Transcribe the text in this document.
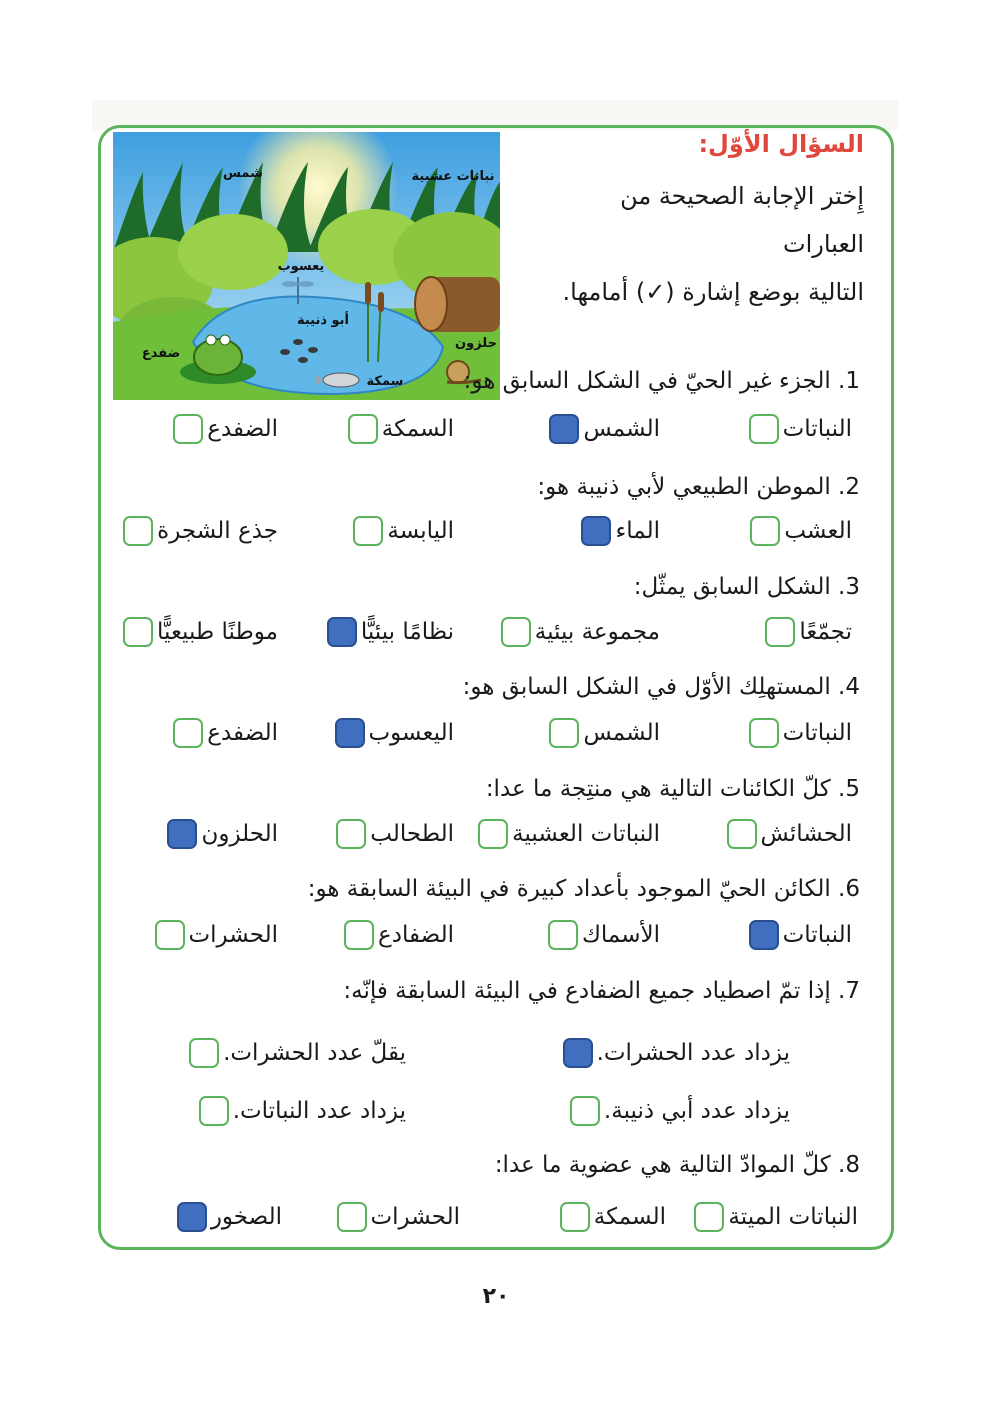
السؤال الأوّل:
إِختر الإجابة الصحيحة من العبارات
التالية بوضع إشارة (✓) أمامها.
شمس	نباتات عشبية
يعسوب
أبو ذنيبة
حلزون
ضفدع
سمكة	1. الجزء غير الحيّ في الشكل السابق هو:
النباتات
الشمس
السمكة
الضفدع
2. الموطن الطبيعي لأبي ذنيبة هو:
العشب
الماء
اليابسة
جذع الشجرة
3. الشكل السابق يمثّل:
تجمّعًا
مجموعة بيئية
نظامًا بيئيًّا
موطنًا طبيعيًّا
4. المستهلِك الأوّل في الشكل السابق هو:
النباتات
الشمس
اليعسوب
الضفدع
5. كلّ الكائنات التالية هي منتِجة ما عدا:
الحشائش
النباتات العشبية
الطحالب
الحلزون
6. الكائن الحيّ الموجود بأعداد كبيرة في البيئة السابقة هو:
النباتات
الأسماك
الضفادع
الحشرات
7. إذا تمّ اصطياد جميع الضفادع في البيئة السابقة فإنّه:
يزداد عدد الحشرات.
يقلّ عدد الحشرات.
يزداد عدد أبي ذنيبة.
يزداد عدد النباتات.
8. كلّ الموادّ التالية هي عضوية ما عدا:
النباتات الميتة
السمكة
الحشرات
الصخور
٢٠
